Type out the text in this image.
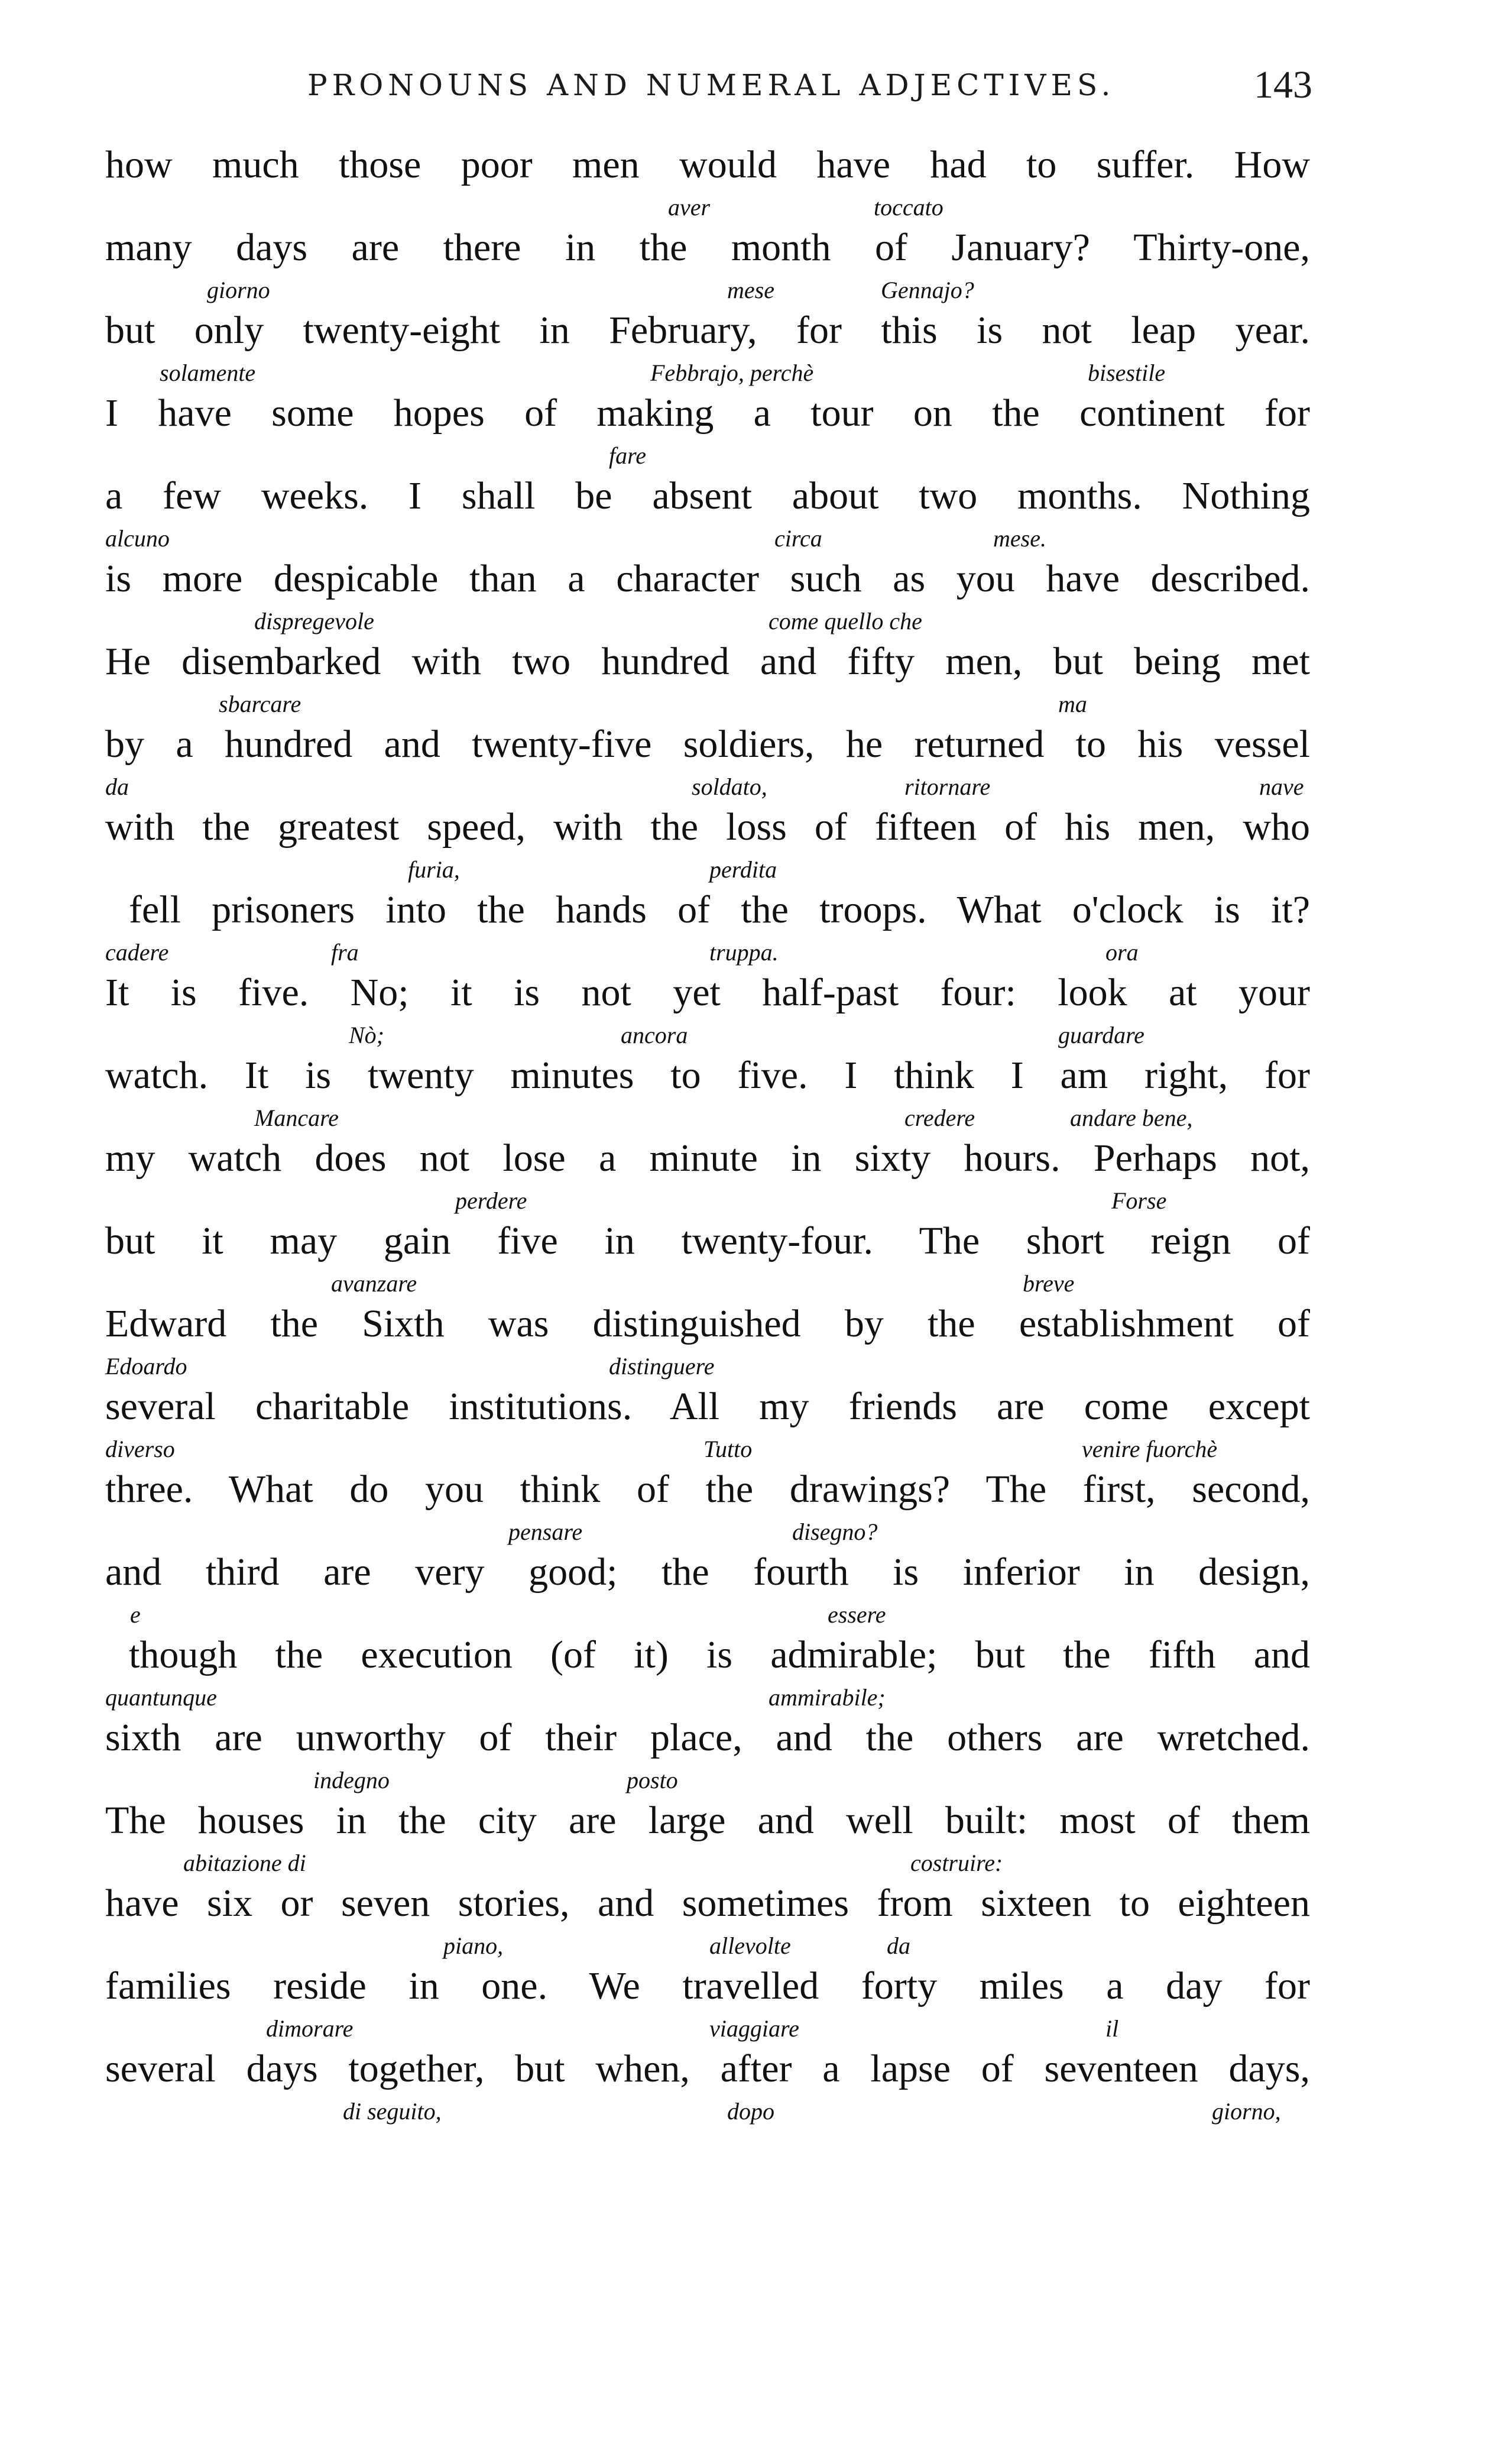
PRONOUNS AND NUMERAL ADJECTIVES.	143
how much those poor men would have had to suffer. How
aver	toccato
many days are there in the month of January? Thirty-one,
giorno	mese	Gennajo?
but only twenty-eight in February, for this is not leap year.
solamente	Febbrajo, perchè	bisestile
I have some hopes of making a tour on the continent for
fare
a few weeks. I shall be absent about two months. Nothing
alcuno	circa	mese.
is more despicable than a character such as you have described.
dispregevole	come quello che
He disembarked with two hundred and fifty men, but being met
sbarcare	ma
by a hundred and twenty-five soldiers, he returned to his vessel
da	soldato,	ritornare	nave
with the greatest speed, with the loss of fifteen of his men, who
furia,	perdita
fell prisoners into the hands of the troops. What o'clock is it?
cadere	fra	truppa.	ora
It is five. No; it is not yet half-past four: look at your
Nò;	ancora	guardare
watch. It is twenty minutes to five. I think I am right, for
Mancare	credere	andare bene,
my watch does not lose a minute in sixty hours. Perhaps not,
perdere	Forse
but it may gain five in twenty-four. The short reign of
avanzare	breve
Edward the Sixth was distinguished by the establishment of
Edoardo	distinguere
several charitable institutions. All my friends are come except
diverso	Tutto	venire fuorchè
three. What do you think of the drawings? The first, second,
pensare	disegno?
and third are very good; the fourth is inferior in design,
e	essere
though the execution (of it) is admirable; but the fifth and
quantunque	ammirabile;
sixth are unworthy of their place, and the others are wretched.
indegno	posto
The houses in the city are large and well built: most of them
abitazione di	costruire:
have six or seven stories, and sometimes from sixteen to eighteen
piano,	allevolte	da
families reside in one. We travelled forty miles a day for
dimorare	viaggiare	il
several days together, but when, after a lapse of seventeen days,
di seguito,	dopo	giorno,
